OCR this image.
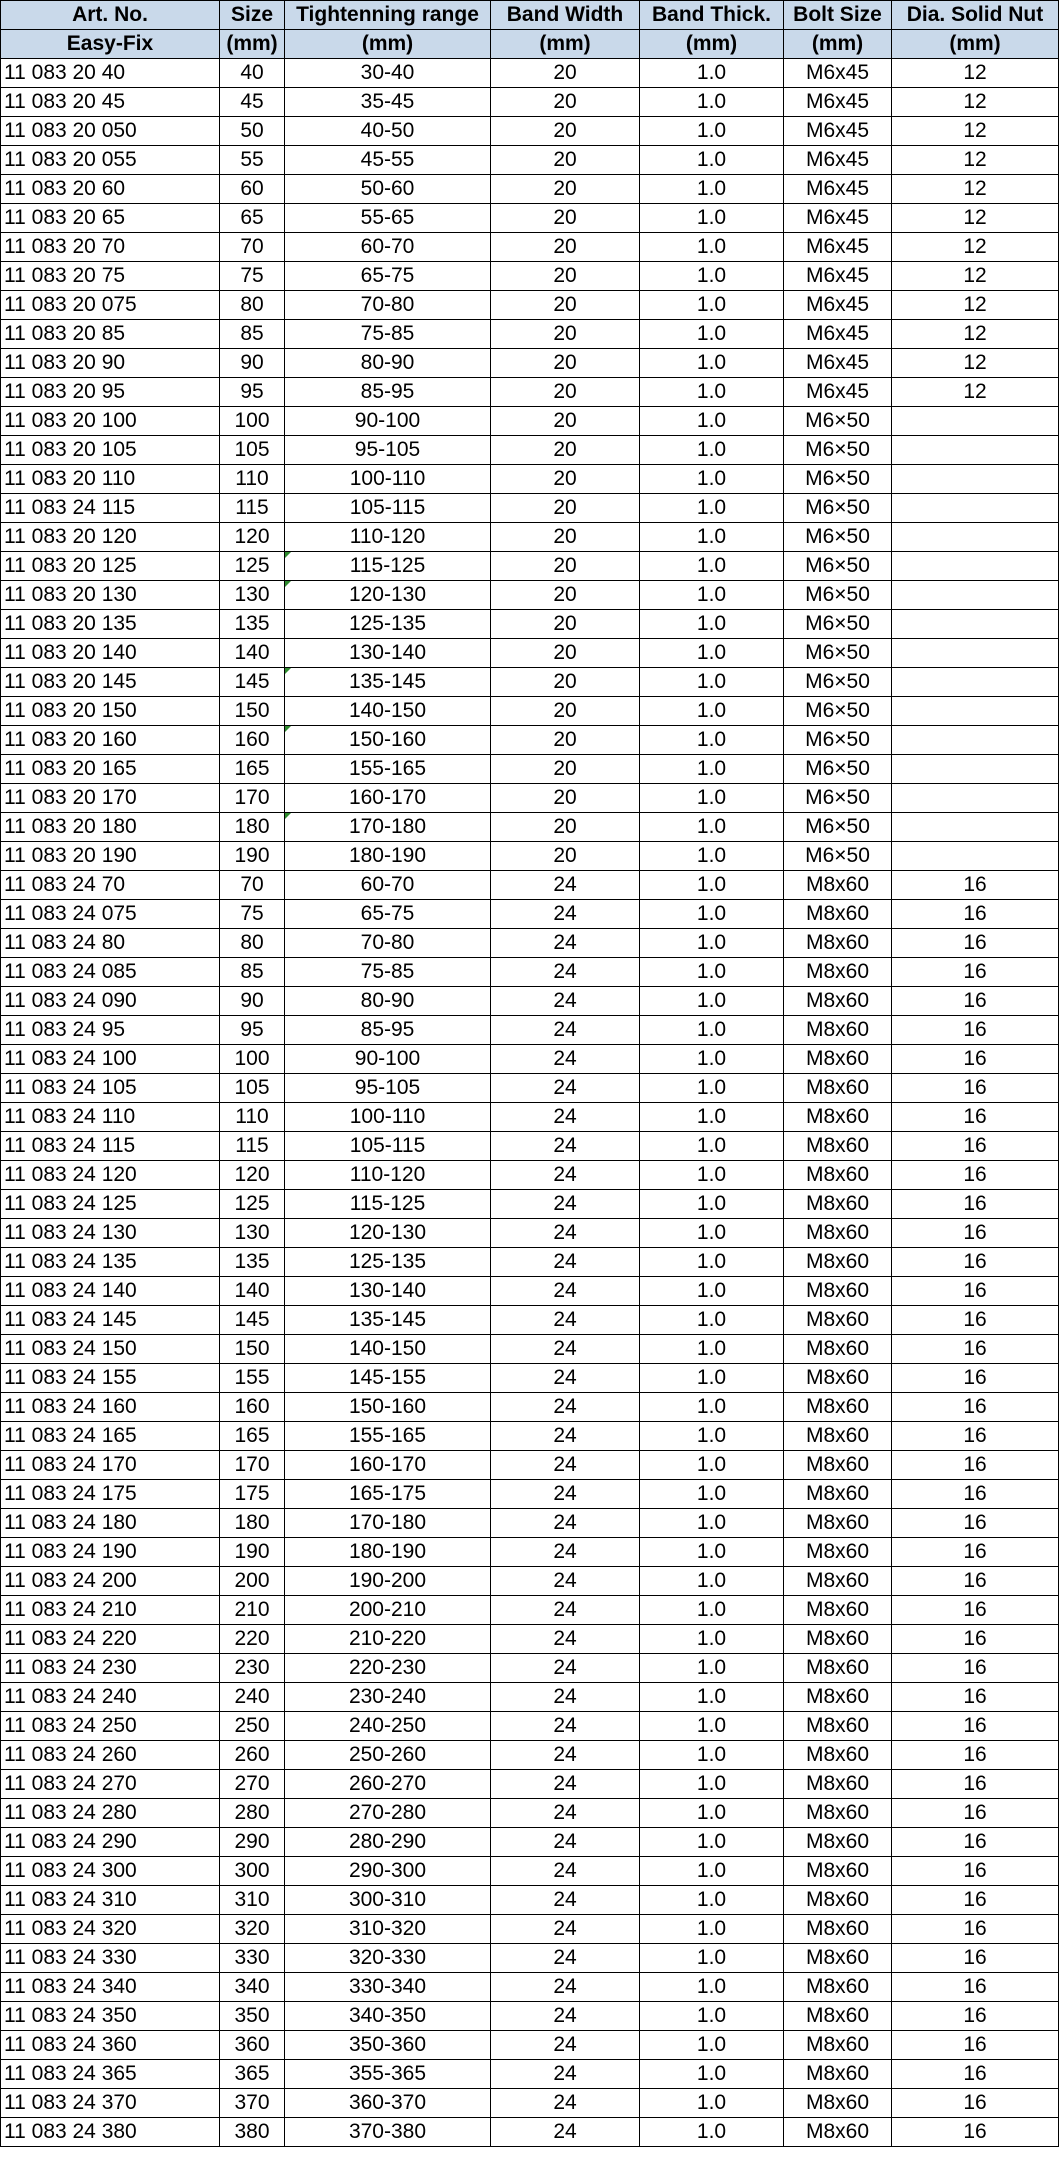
Art. No.	Size	Tightenning range	Band Width	Band Thick.	Bolt Size	Dia. Solid Nut
Easy-Fix	(mm)	(mm)	(mm)	(mm)	(mm)	(mm)
11 083 20 40	40	30-40	20	1.0	M6x45	12
11 083 20 45	45	35-45	20	1.0	M6x45	12
11 083 20 050	50	40-50	20	1.0	M6x45	12
11 083 20 055	55	45-55	20	1.0	M6x45	12
11 083 20 60	60	50-60	20	1.0	M6x45	12
11 083 20 65	65	55-65	20	1.0	M6x45	12
11 083 20 70	70	60-70	20	1.0	M6x45	12
11 083 20 75	75	65-75	20	1.0	M6x45	12
11 083 20 075	80	70-80	20	1.0	M6x45	12
11 083 20 85	85	75-85	20	1.0	M6x45	12
11 083 20 90	90	80-90	20	1.0	M6x45	12
11 083 20 95	95	85-95	20	1.0	M6x45	12
11 083 20 100	100	90-100	20	1.0	M6×50	
11 083 20 105	105	95-105	20	1.0	M6×50	
11 083 20 110	110	100-110	20	1.0	M6×50	
11 083 24 115	115	105-115	20	1.0	M6×50	
11 083 20 120	120	110-120	20	1.0	M6×50	
11 083 20 125	125	115-125	20	1.0	M6×50	
11 083 20 130	130	120-130	20	1.0	M6×50	
11 083 20 135	135	125-135	20	1.0	M6×50	
11 083 20 140	140	130-140	20	1.0	M6×50	
11 083 20 145	145	135-145	20	1.0	M6×50	
11 083 20 150	150	140-150	20	1.0	M6×50	
11 083 20 160	160	150-160	20	1.0	M6×50	
11 083 20 165	165	155-165	20	1.0	M6×50	
11 083 20 170	170	160-170	20	1.0	M6×50	
11 083 20 180	180	170-180	20	1.0	M6×50	
11 083 20 190	190	180-190	20	1.0	M6×50	
11 083 24 70	70	60-70	24	1.0	M8x60	16
11 083 24 075	75	65-75	24	1.0	M8x60	16
11 083 24 80	80	70-80	24	1.0	M8x60	16
11 083 24 085	85	75-85	24	1.0	M8x60	16
11 083 24 090	90	80-90	24	1.0	M8x60	16
11 083 24 95	95	85-95	24	1.0	M8x60	16
11 083 24 100	100	90-100	24	1.0	M8x60	16
11 083 24 105	105	95-105	24	1.0	M8x60	16
11 083 24 110	110	100-110	24	1.0	M8x60	16
11 083 24 115	115	105-115	24	1.0	M8x60	16
11 083 24 120	120	110-120	24	1.0	M8x60	16
11 083 24 125	125	115-125	24	1.0	M8x60	16
11 083 24 130	130	120-130	24	1.0	M8x60	16
11 083 24 135	135	125-135	24	1.0	M8x60	16
11 083 24 140	140	130-140	24	1.0	M8x60	16
11 083 24 145	145	135-145	24	1.0	M8x60	16
11 083 24 150	150	140-150	24	1.0	M8x60	16
11 083 24 155	155	145-155	24	1.0	M8x60	16
11 083 24 160	160	150-160	24	1.0	M8x60	16
11 083 24 165	165	155-165	24	1.0	M8x60	16
11 083 24 170	170	160-170	24	1.0	M8x60	16
11 083 24 175	175	165-175	24	1.0	M8x60	16
11 083 24 180	180	170-180	24	1.0	M8x60	16
11 083 24 190	190	180-190	24	1.0	M8x60	16
11 083 24 200	200	190-200	24	1.0	M8x60	16
11 083 24 210	210	200-210	24	1.0	M8x60	16
11 083 24 220	220	210-220	24	1.0	M8x60	16
11 083 24 230	230	220-230	24	1.0	M8x60	16
11 083 24 240	240	230-240	24	1.0	M8x60	16
11 083 24 250	250	240-250	24	1.0	M8x60	16
11 083 24 260	260	250-260	24	1.0	M8x60	16
11 083 24 270	270	260-270	24	1.0	M8x60	16
11 083 24 280	280	270-280	24	1.0	M8x60	16
11 083 24 290	290	280-290	24	1.0	M8x60	16
11 083 24 300	300	290-300	24	1.0	M8x60	16
11 083 24 310	310	300-310	24	1.0	M8x60	16
11 083 24 320	320	310-320	24	1.0	M8x60	16
11 083 24 330	330	320-330	24	1.0	M8x60	16
11 083 24 340	340	330-340	24	1.0	M8x60	16
11 083 24 350	350	340-350	24	1.0	M8x60	16
11 083 24 360	360	350-360	24	1.0	M8x60	16
11 083 24 365	365	355-365	24	1.0	M8x60	16
11 083 24 370	370	360-370	24	1.0	M8x60	16
11 083 24 380	380	370-380	24	1.0	M8x60	16
